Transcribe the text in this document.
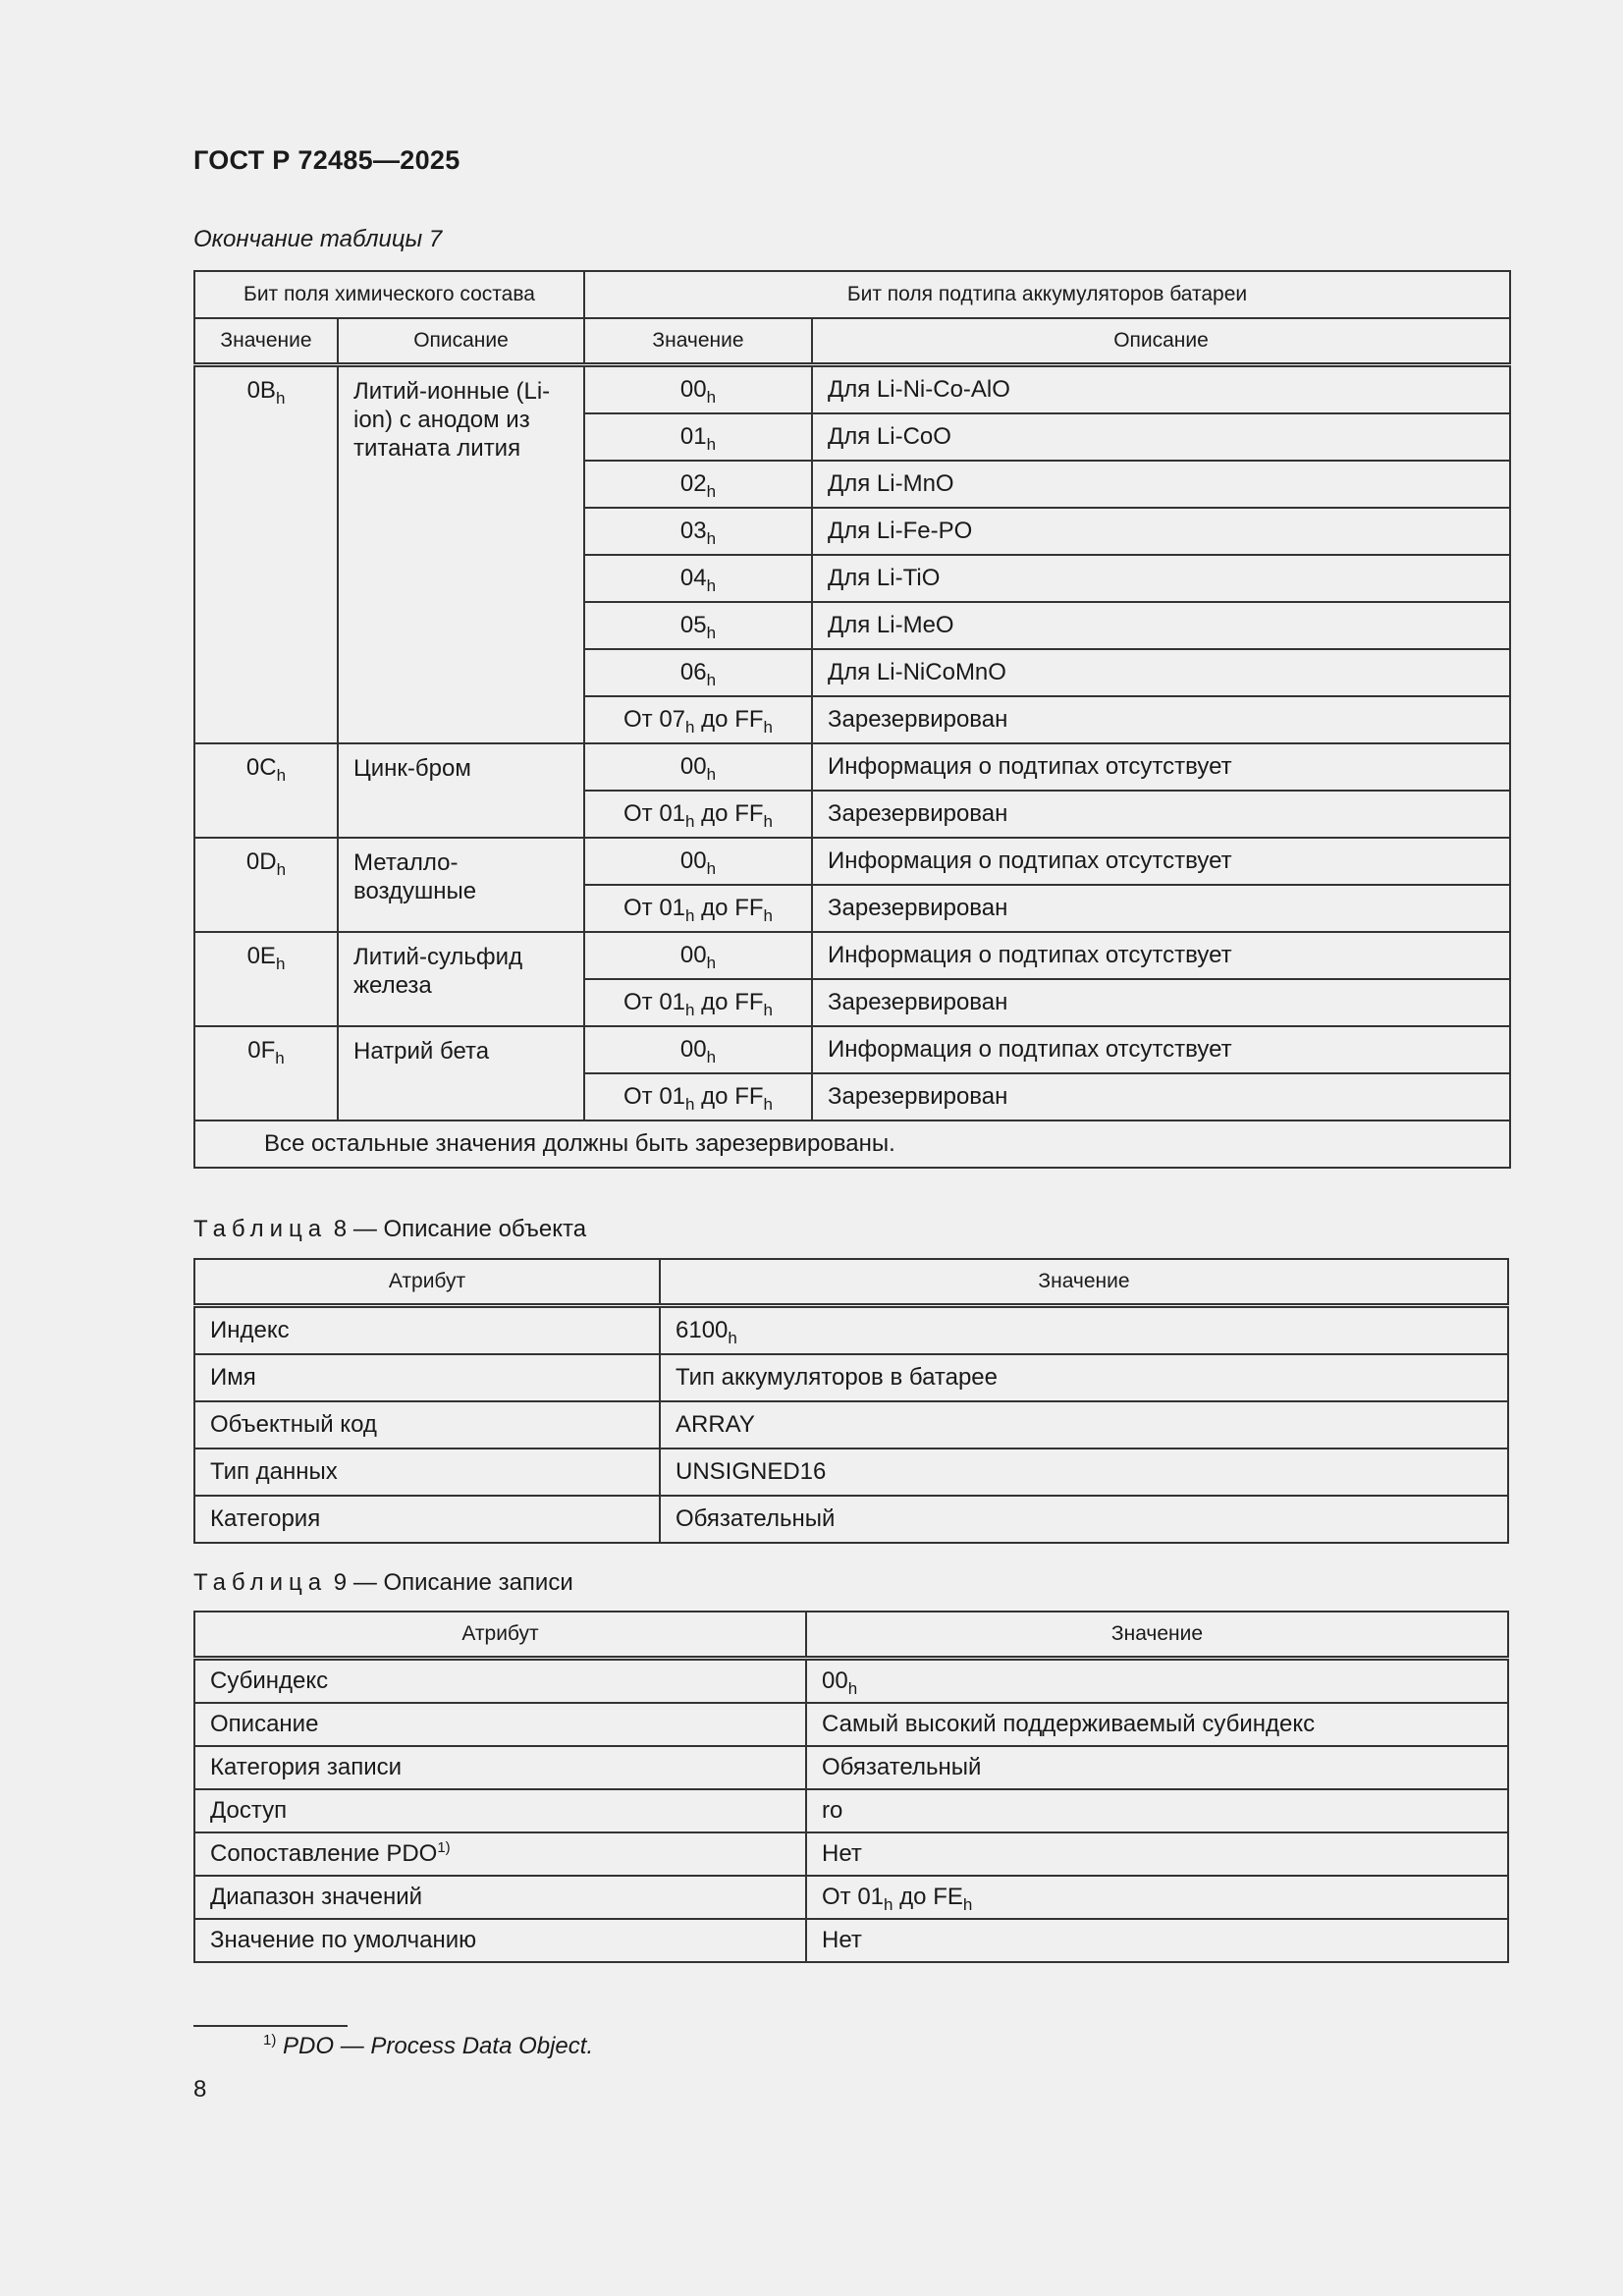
ГОСТ Р 72485—2025
Окончание таблицы 7
Бит поля химического состава		Бит поля подтипа аккумуляторов батареи	
Значение	Описание	Значение	Описание
$0B_h$	Литий-ионные (Li-ion) с анодом из титаната лития	$00_h$	Для Li-Ni-Co-AlO
		$01_h$	Для Li-CoO
		$02_h$	Для Li-MnO
		$03_h$	Для Li-Fe-PO
		$04_h$	Для Li-TiO
		$05_h$	Для Li-MeO
		$06_h$	Для Li-NiCoMnO
		От $07_h$ до $FF_h$	Зарезервирован
$0C_h$	Цинк-бром	$00_h$	Информация о подтипах отсутствует
		От $01_h$ до $FF_h$	Зарезервирован
$0D_h$	Металло-воздушные	$00_h$	Информация о подтипах отсутствует
		От $01_h$ до $FF_h$	Зарезервирован
$0E_h$	Литий-сульфид железа	$00_h$	Информация о подтипах отсутствует
		От $01_h$ до $FF_h$	Зарезервирован
$0F_h$	Натрий бета	$00_h$	Информация о подтипах отсутствует
		От $01_h$ до $FF_h$	Зарезервирован
Все остальные значения должны быть зарезервированы.			
Таблица 8 — Описание объекта
Атрибут	Значение
Индекс	$6100_h$
Имя	Тип аккумуляторов в батарее
Объектный код	ARRAY
Тип данных	UNSIGNED16
Категория	Обязательный
Таблица 9 — Описание записи
Атрибут	Значение
Субиндекс	$00_h$
Описание	Самый высокий поддерживаемый субиндекс
Категория записи	Обязательный
Доступ	ro
Сопоставление PDO$^{1)}$	Нет
Диапазон значений	От $01_h$ до $FE_h$
Значение по умолчанию	Нет
$^{1)}$ PDO — Process Data Object.
8
